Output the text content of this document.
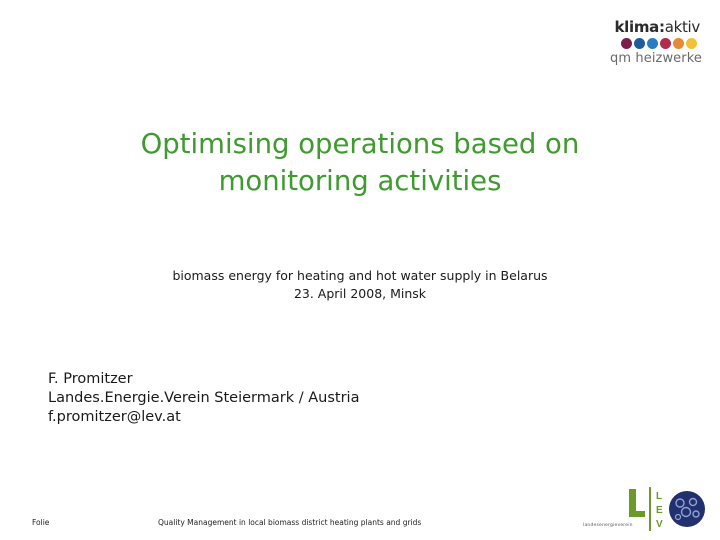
klima:aktiv
qm heizwerke
Optimising operations based on
monitoring activities
biomass energy for heating and hot water supply in Belarus
23. April 2008, Minsk
F. Promitzer
Landes.Energie.Verein Steiermark / Austria
f.promitzer@lev.at
Folie	Quality Management in local biomass district heating plants and grids
L
E
V
landesenergieverein
